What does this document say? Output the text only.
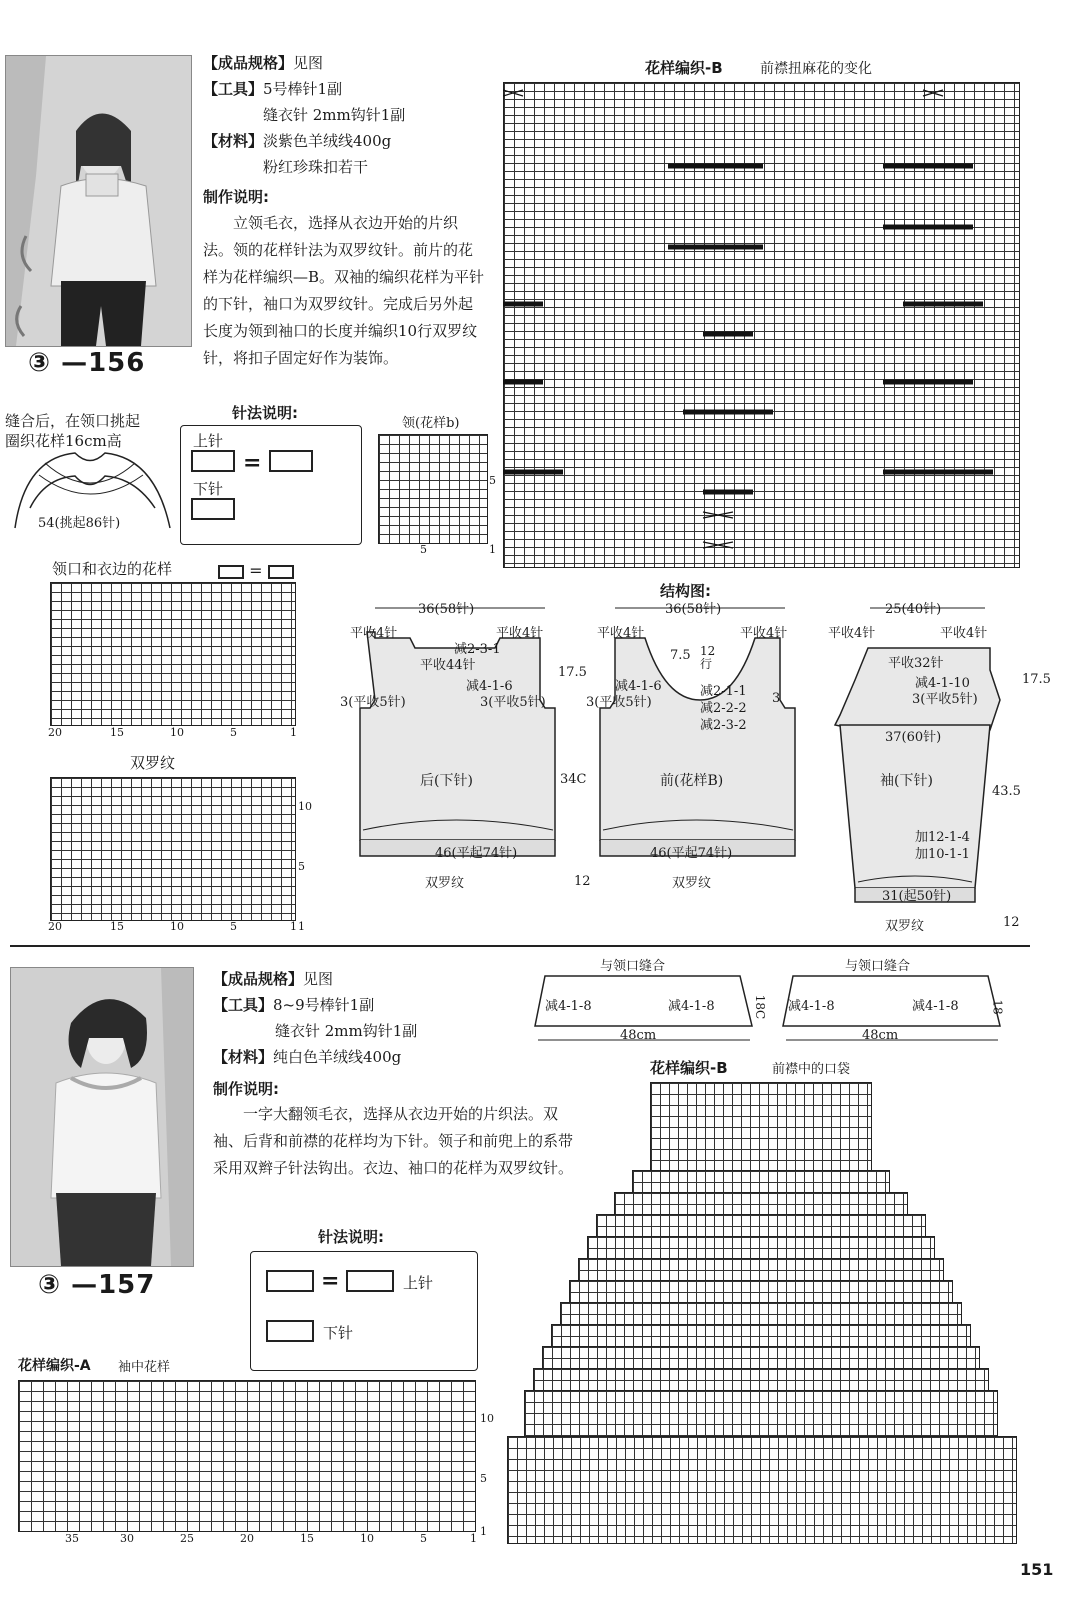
③ —156
【成品规格】见图
【工具】5号棒针1副
缝衣针 2mm钩针1副
【材料】淡紫色羊绒线400g
粉红珍珠扣若干
制作说明:
立领毛衣，选择从衣边开始的片织法。领的花样针法为双罗纹针。前片的花样为花样编织—B。双袖的编织花样为平针的下针，袖口为双罗纹针。完成后另外起长度为领到袖口的长度并编织10行双罗纹针，将扣子固定好作为装饰。
缝合后，在领口挑起
圈织花样16cm高
54(挑起86针)
针法说明:
上针
=
下针
领(花样b)
5
5	1
领口和衣边的花样	=
20	15	10	5	1
双罗纹
20	15	10	5	1
10
5
1
花样编织-B	前襟扭麻花的变化
结构图:
36(58针)
平收4针	平收4针
减2-3-1
平收44针
减4-1-6
3(平收5针)	3(平收5针)
17.5
34C
后(下针)
46(平起74针)
双罗纹
36(58针)
平收4针	平收4针
7.5 12行
减4-1-6	减2-1-1
减2-2-2
减2-3-2
3(平收5针)	3
前(花样B)
46(平起74针)
双罗纹
12
25(40针)
平收4针	平收4针
平收32针
减4-1-10
3(平收5针)
17.5
37(60针)
袖(下针)
43.5
加12-1-4
加10-1-1
31(起50针)
双罗纹	12
③ —157
【成品规格】见图
【工具】8~9号棒针1副
缝衣针 2mm钩针1副
【材料】纯白色羊绒线400g
制作说明:
一字大翻领毛衣，选择从衣边开始的片织法。双袖、后背和前襟的花样均为下针。领子和前兜上的系带采用双辫子针法钩出。衣边、袖口的花样为双罗纹针。
针法说明:
=	上针
下针
与领口缝合
减4-1-8	减4-1-8	18C
48cm
与领口缝合
减4-1-8	减4-1-8	18
48cm
花样编织-B	前襟中的口袋
花样编织-A 袖中花样
35	30	25	20	15	10	5	1
10
5
1
151
